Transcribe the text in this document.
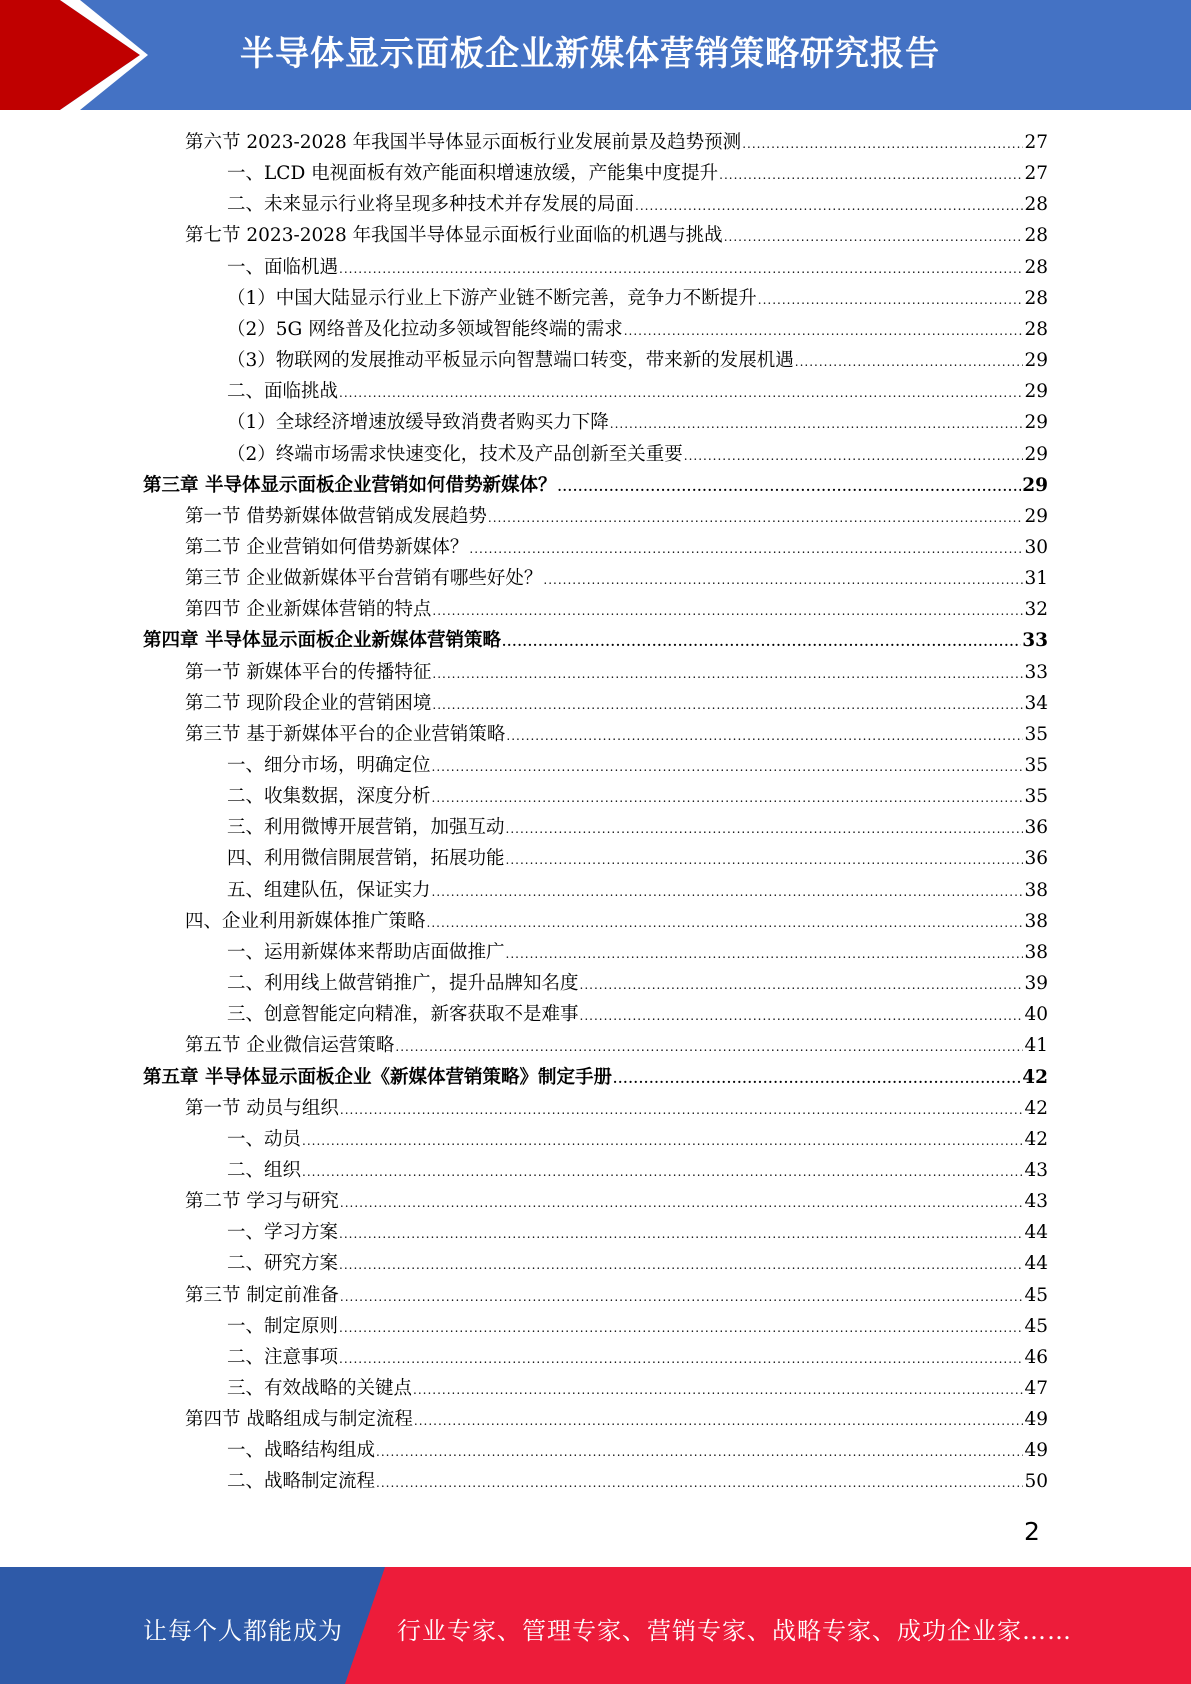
半导体显示面板企业新媒体营销策略研究报告
第六节 2023-2028 年我国半导体显示面板行业发展前景及趋势预测 .....	27
一、LCD 电视面板有效产能面积增速放缓，产能集中度提升 .....	27
二、未来显示行业将呈现多种技术并存发展的局面 .....	28
第七节 2023-2028 年我国半导体显示面板行业面临的机遇与挑战 .....	28
一、面临机遇 .....	28
（1）中国大陆显示行业上下游产业链不断完善，竞争力不断提升 .....	28
（2）5G 网络普及化拉动多领域智能终端的需求 .....	28
（3）物联网的发展推动平板显示向智慧端口转变，带来新的发展机遇 .....	29
二、面临挑战 .....	29
（1）全球经济增速放缓导致消费者购买力下降 .....	29
（2）终端市场需求快速变化，技术及产品创新至关重要 .....	29
第三章 半导体显示面板企业营销如何借势新媒体？ .....	29
第一节 借势新媒体做营销成发展趋势 .....	29
第二节 企业营销如何借势新媒体？ .....	30
第三节 企业做新媒体平台营销有哪些好处？ .....	31
第四节 企业新媒体营销的特点 .....	32
第四章 半导体显示面板企业新媒体营销策略 .....	33
第一节 新媒体平台的传播特征 .....	33
第二节 现阶段企业的营销困境 .....	34
第三节 基于新媒体平台的企业营销策略 .....	35
一、细分市场，明确定位 .....	35
二、收集数据，深度分析 .....	35
三、利用微博开展营销，加强互动 .....	36
四、利用微信開展营销，拓展功能 .....	36
五、组建队伍，保证实力 .....	38
四、企业利用新媒体推广策略 .....	38
一、运用新媒体来帮助店面做推广 .....	38
二、利用线上做营销推广，提升品牌知名度 .....	39
三、创意智能定向精准，新客获取不是难事 .....	40
第五节 企业微信运营策略 .....	41
第五章 半导体显示面板企业《新媒体营销策略》制定手册 .....	42
第一节 动员与组织 .....	42
一、动员 .....	42
二、组织 .....	43
第二节 学习与研究 .....	43
一、学习方案 .....	44
二、研究方案 .....	44
第三节 制定前准备 .....	45
一、制定原则 .....	45
二、注意事项 .....	46
三、有效战略的关键点 .....	47
第四节 战略组成与制定流程 .....	49
一、战略结构组成 .....	49
二、战略制定流程 .....	50
2
让每个人都能成为 行业专家、管理专家、营销专家、战略专家、成功企业家……
